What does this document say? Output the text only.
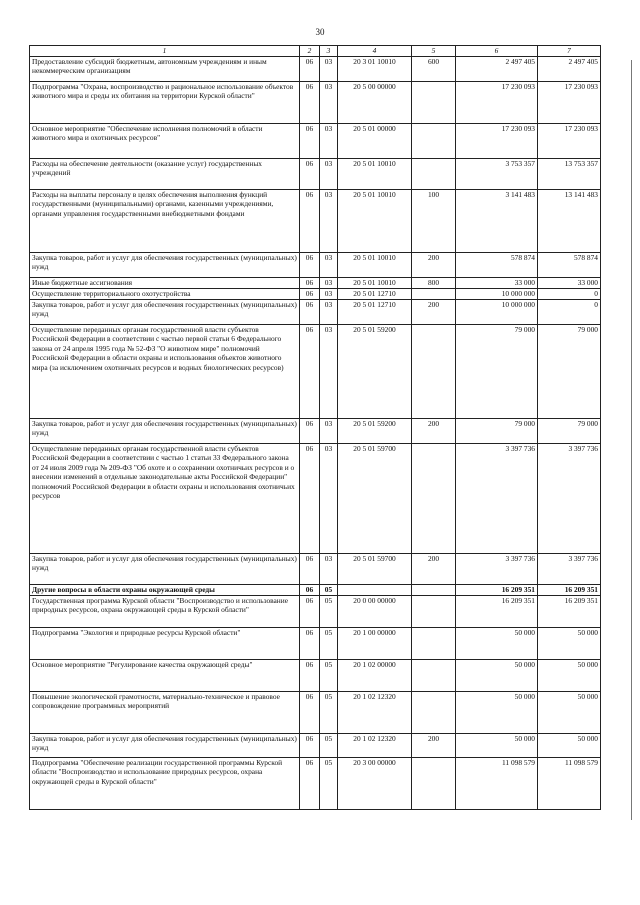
30
1	2	3	4	5	6	7
Предоставление субсидий бюджетным, автономным учреждениям и иным некоммерческим организациям	06	03	20 3 01 10010	600	2 497 405	2 497 405
Подпрограмма "Охрана, воспроизводство и рациональное использование объектов животного мира и среды их обитания на территории Курской области"	06	03	20 5 00 00000		17 230 093	17 230 093
Основное мероприятие "Обеспечение исполнения полномочий в области животного мира и охотничьих ресурсов"	06	03	20 5 01 00000		17 230 093	17 230 093
Расходы на обеспечение деятельности (оказание услуг) государственных учреждений	06	03	20 5 01 10010		3 753 357	13 753 357
Расходы на выплаты персоналу в целях обеспечения выполнения функций государственными (муниципальными) органами, казенными учреждениями, органами управления государственными внебюджетными фондами	06	03	20 5 01 10010	100	3 141 483	13 141 483
Закупка товаров, работ и услуг для обеспечения государственных (муниципальных) нужд	06	03	20 5 01 10010	200	578 874	578 874
Иные бюджетные ассигнования	06	03	20 5 01 10010	800	33 000	33 000
Осуществление территориального охотустройства	06	03	20 5 01 12710		10 000 000	0
Закупка товаров, работ и услуг для обеспечения государственных (муниципальных) нужд	06	03	20 5 01 12710	200	10 000 000	0
Осуществление переданных органам государственной власти субъектов Российской Федерации в соответствии с частью первой статьи 6 Федерального закона от 24 апреля 1995 года № 52-ФЗ "О животном мире" полномочий Российской Федерации в области охраны и использования объектов животного мира (за исключением охотничьих ресурсов и водных биологических ресурсов)	06	03	20 5 01 59200		79 000	79 000
Закупка товаров, работ и услуг для обеспечения государственных (муниципальных) нужд	06	03	20 5 01 59200	200	79 000	79 000
Осуществление переданных органам государственной власти субъектов Российской Федерации в соответствии с частью 1 статьи 33 Федерального закона от 24 июля 2009 года № 209-ФЗ "Об охоте и о сохранении охотничьих ресурсов и о внесении изменений в отдельные законодательные акты Российской Федерации" полномочий Российской Федерации в области охраны и использования охотничьих ресурсов	06	03	20 5 01 59700		3 397 736	3 397 736
Закупка товаров, работ и услуг для обеспечения государственных (муниципальных) нужд	06	03	20 5 01 59700	200	3 397 736	3 397 736
Другие вопросы в области охраны окружающей среды	06	05			16 209 351	16 209 351
Государственная программа Курской области "Воспроизводство и использование природных ресурсов, охрана окружающей среды в Курской области"	06	05	20 0 00 00000		16 209 351	16 209 351
Подпрограмма "Экология и природные ресурсы Курской области"	06	05	20 1 00 00000		50 000	50 000
Основное мероприятие "Регулирование качества окружающей среды"	06	05	20 1 02 00000		50 000	50 000
Повышение экологической грамотности, материально-техническое и правовое сопровождение программных мероприятий	06	05	20 1 02 12320		50 000	50 000
Закупка товаров, работ и услуг для обеспечения государственных (муниципальных) нужд	06	05	20 1 02 12320	200	50 000	50 000
Подпрограмма "Обеспечение реализации государственной программы Курской области "Воспроизводство и использование природных ресурсов, охрана окружающей среды в Курской области"	06	05	20 3 00 00000		11 098 579	11 098 579
